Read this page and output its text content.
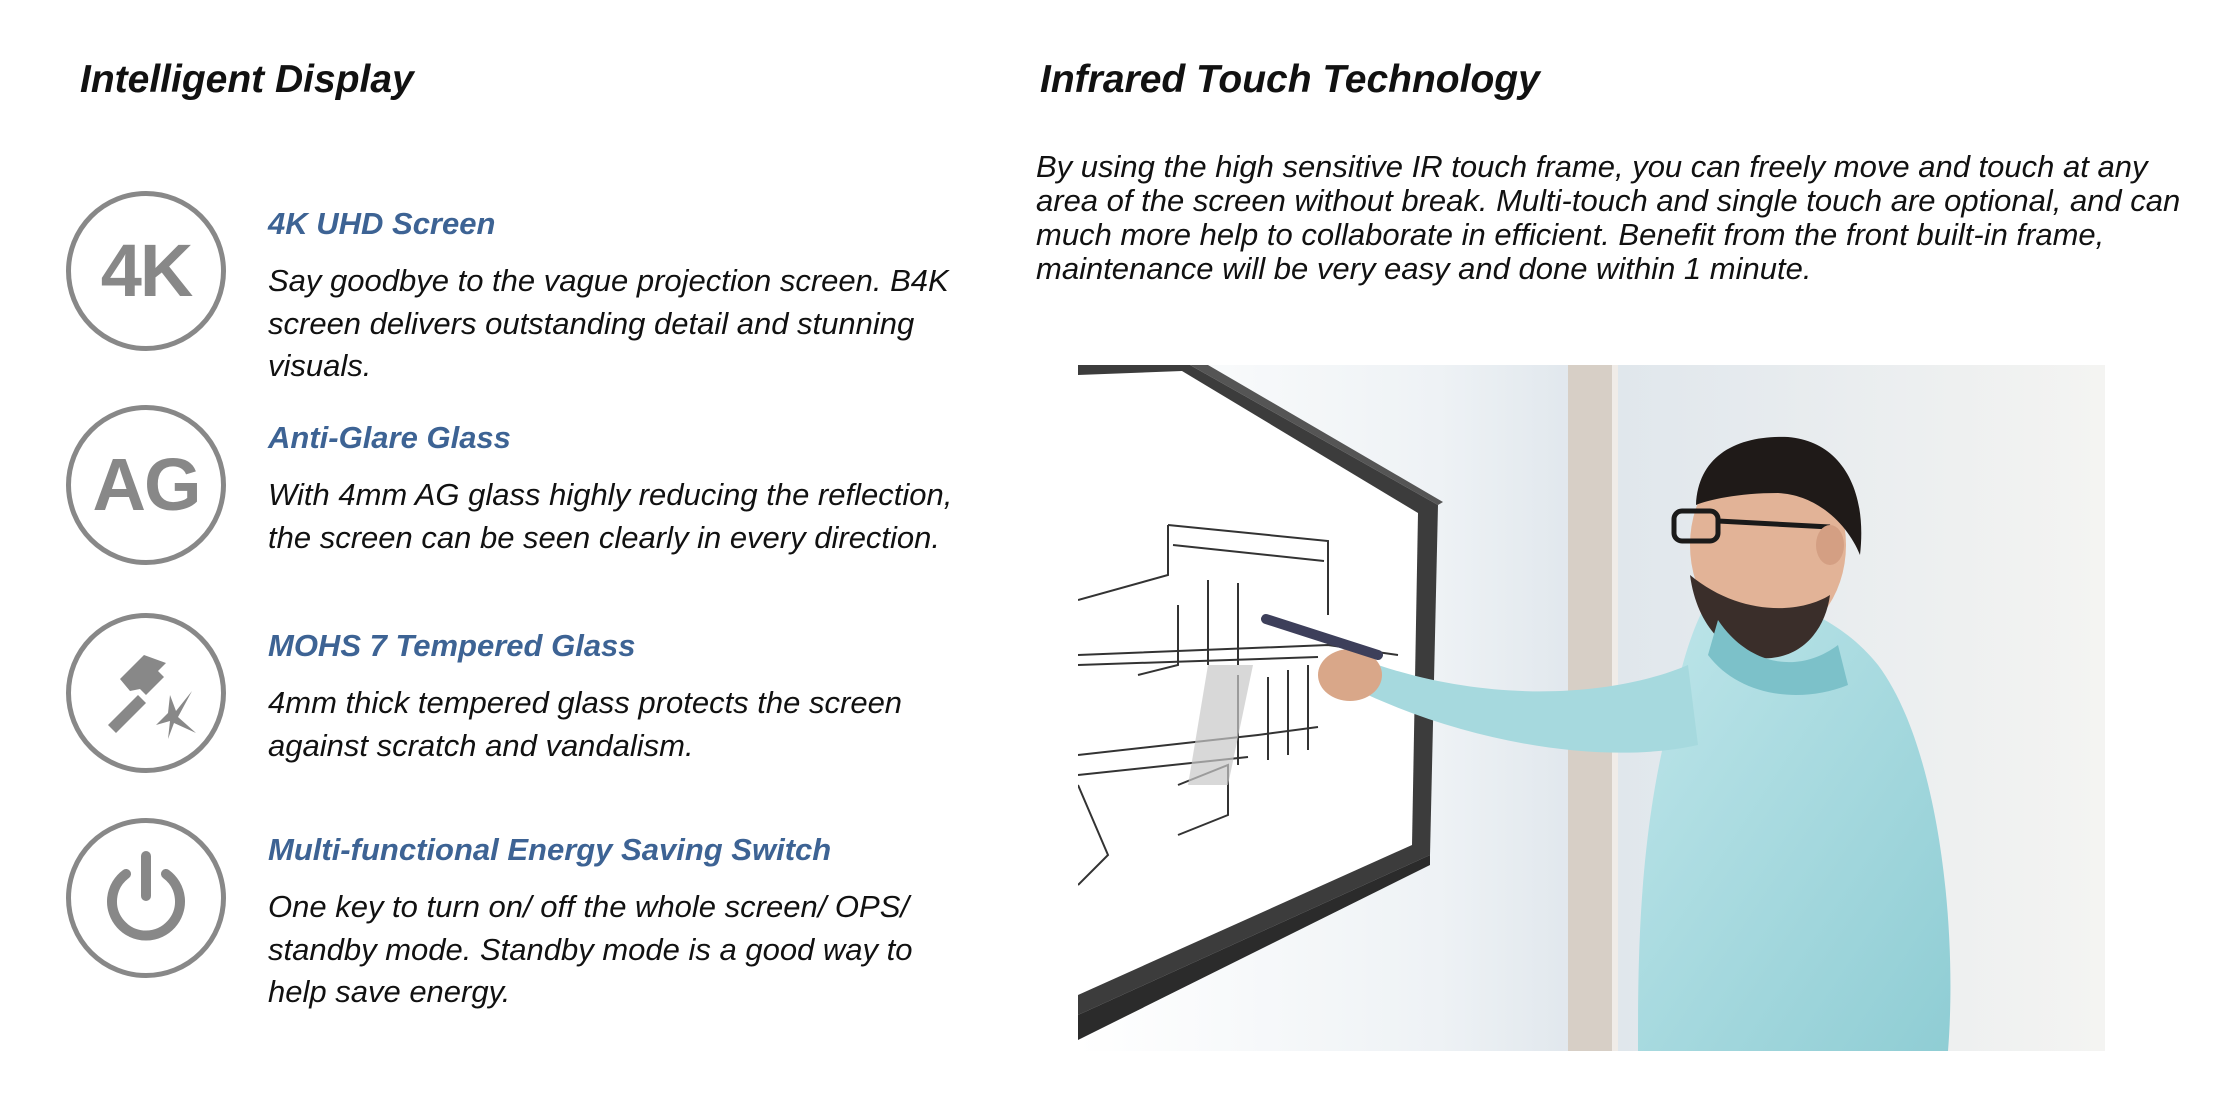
Intelligent Display	Infrared Touch Technology
4K
4K UHD Screen

Say goodbye to the vague projection screen. B4K screen delivers outstanding detail and stunning visuals.

AG
Anti-Glare Glass

With 4mm AG glass highly reducing the reflection, the screen can be seen clearly in every direction.

MOHS 7 Tempered Glass

4mm thick tempered glass protects the screen against scratch and vandalism.

Multi-functional Energy Saving Switch

One key to turn on/ off the whole screen/ OPS/ standby mode. Standby mode is a good way to help save energy.

By using the high sensitive IR touch frame, you can freely move and touch at any area of the screen without break. Multi-touch and single touch are optional, and can much more help to collaborate in efficient. Benefit from the front built-in frame, maintenance will be very easy and done within 1 minute.
